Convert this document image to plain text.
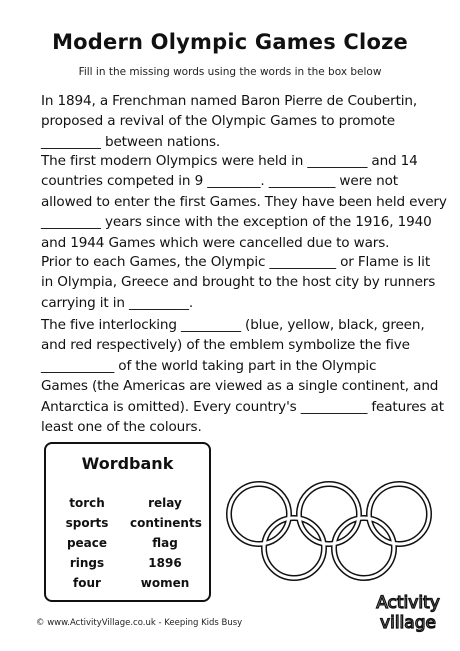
Modern Olympic Games Cloze
Fill in the missing words using the words in the box below
In 1894, a Frenchman named Baron Pierre de Coubertin,
proposed a revival of the Olympic Games to promote
_________ between nations.
The first modern Olympics were held in _________ and 14
countries competed in 9 ________. __________ were not
allowed to enter the first Games. They have been held every
_________ years since with the exception of the 1916, 1940
and 1944 Games which were cancelled due to wars.
Prior to each Games, the Olympic __________ or Flame is lit
in Olympia, Greece and brought to the host city by runners
carrying it in _________.
The five interlocking _________ (blue, yellow, black, green,
and red respectively) of the emblem symbolize the five
___________ of the world taking part in the Olympic
Games (the Americas are viewed as a single continent, and
Antarctica is omitted). Every country's __________ features at
least one of the colours.
Wordbank
torch	relay
sports	continents
peace	flag
rings	1896
four	women
© www.ActivityVillage.co.uk - Keeping Kids Busy
Activity
village
